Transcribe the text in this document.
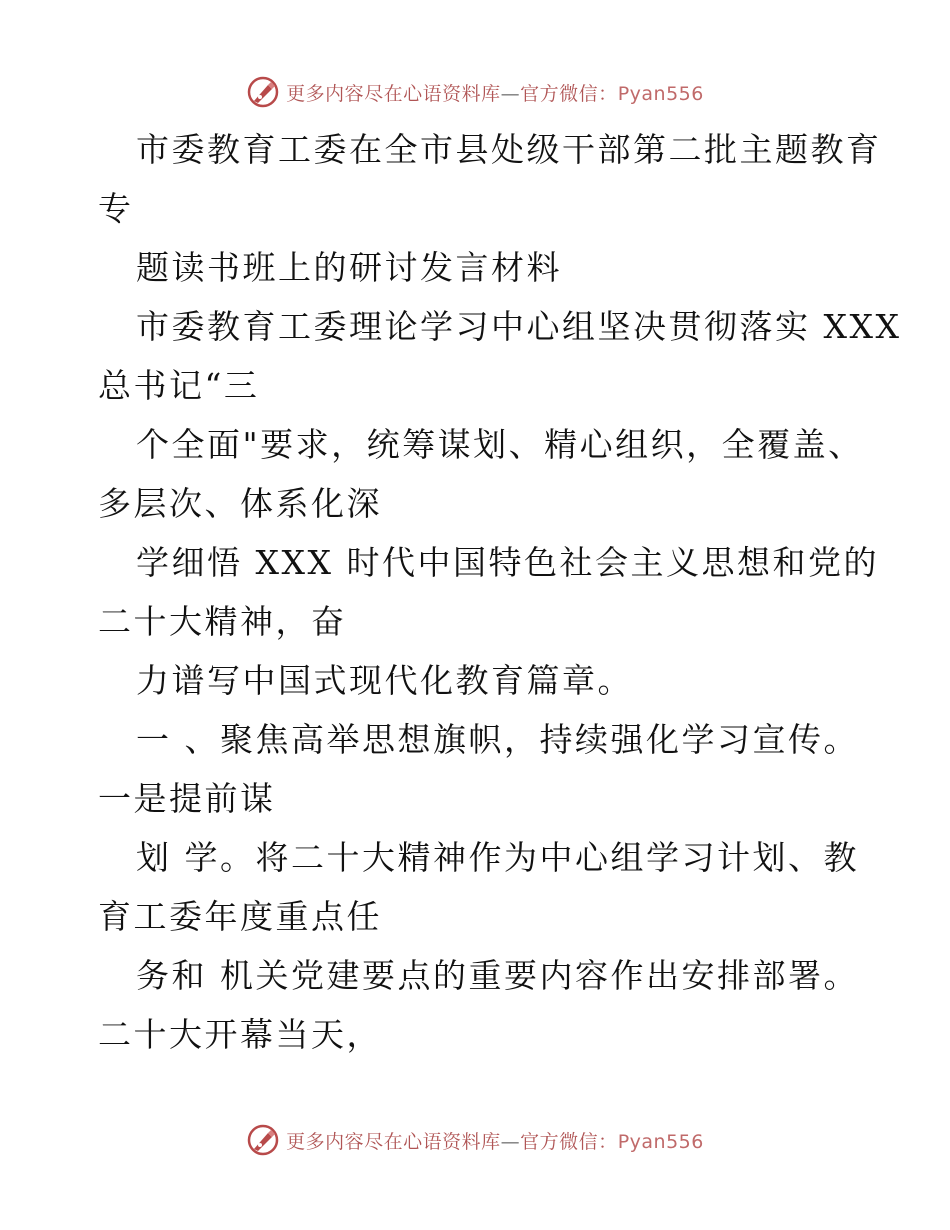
更多内容尽在心语资料库—官方微信：Pyan556
市委教育工委在全市县处级干部第二批主题教育
专
题读书班上的研讨发言材料
市委教育工委理论学习中心组坚决贯彻落实 XXX
总书记“三
个全面"要求，统筹谋划、精心组织，全覆盖、
多层次、体系化深
学细悟 XXX 时代中国特色社会主义思想和党的
二十大精神，奋
力谱写中国式现代化教育篇章。
一 、聚焦高举思想旗帜，持续强化学习宣传。
一是提前谋
划 学。将二十大精神作为中心组学习计划、教
育工委年度重点任
务和 机关党建要点的重要内容作出安排部署。
二十大开幕当天，
更多内容尽在心语资料库—官方微信：Pyan556
